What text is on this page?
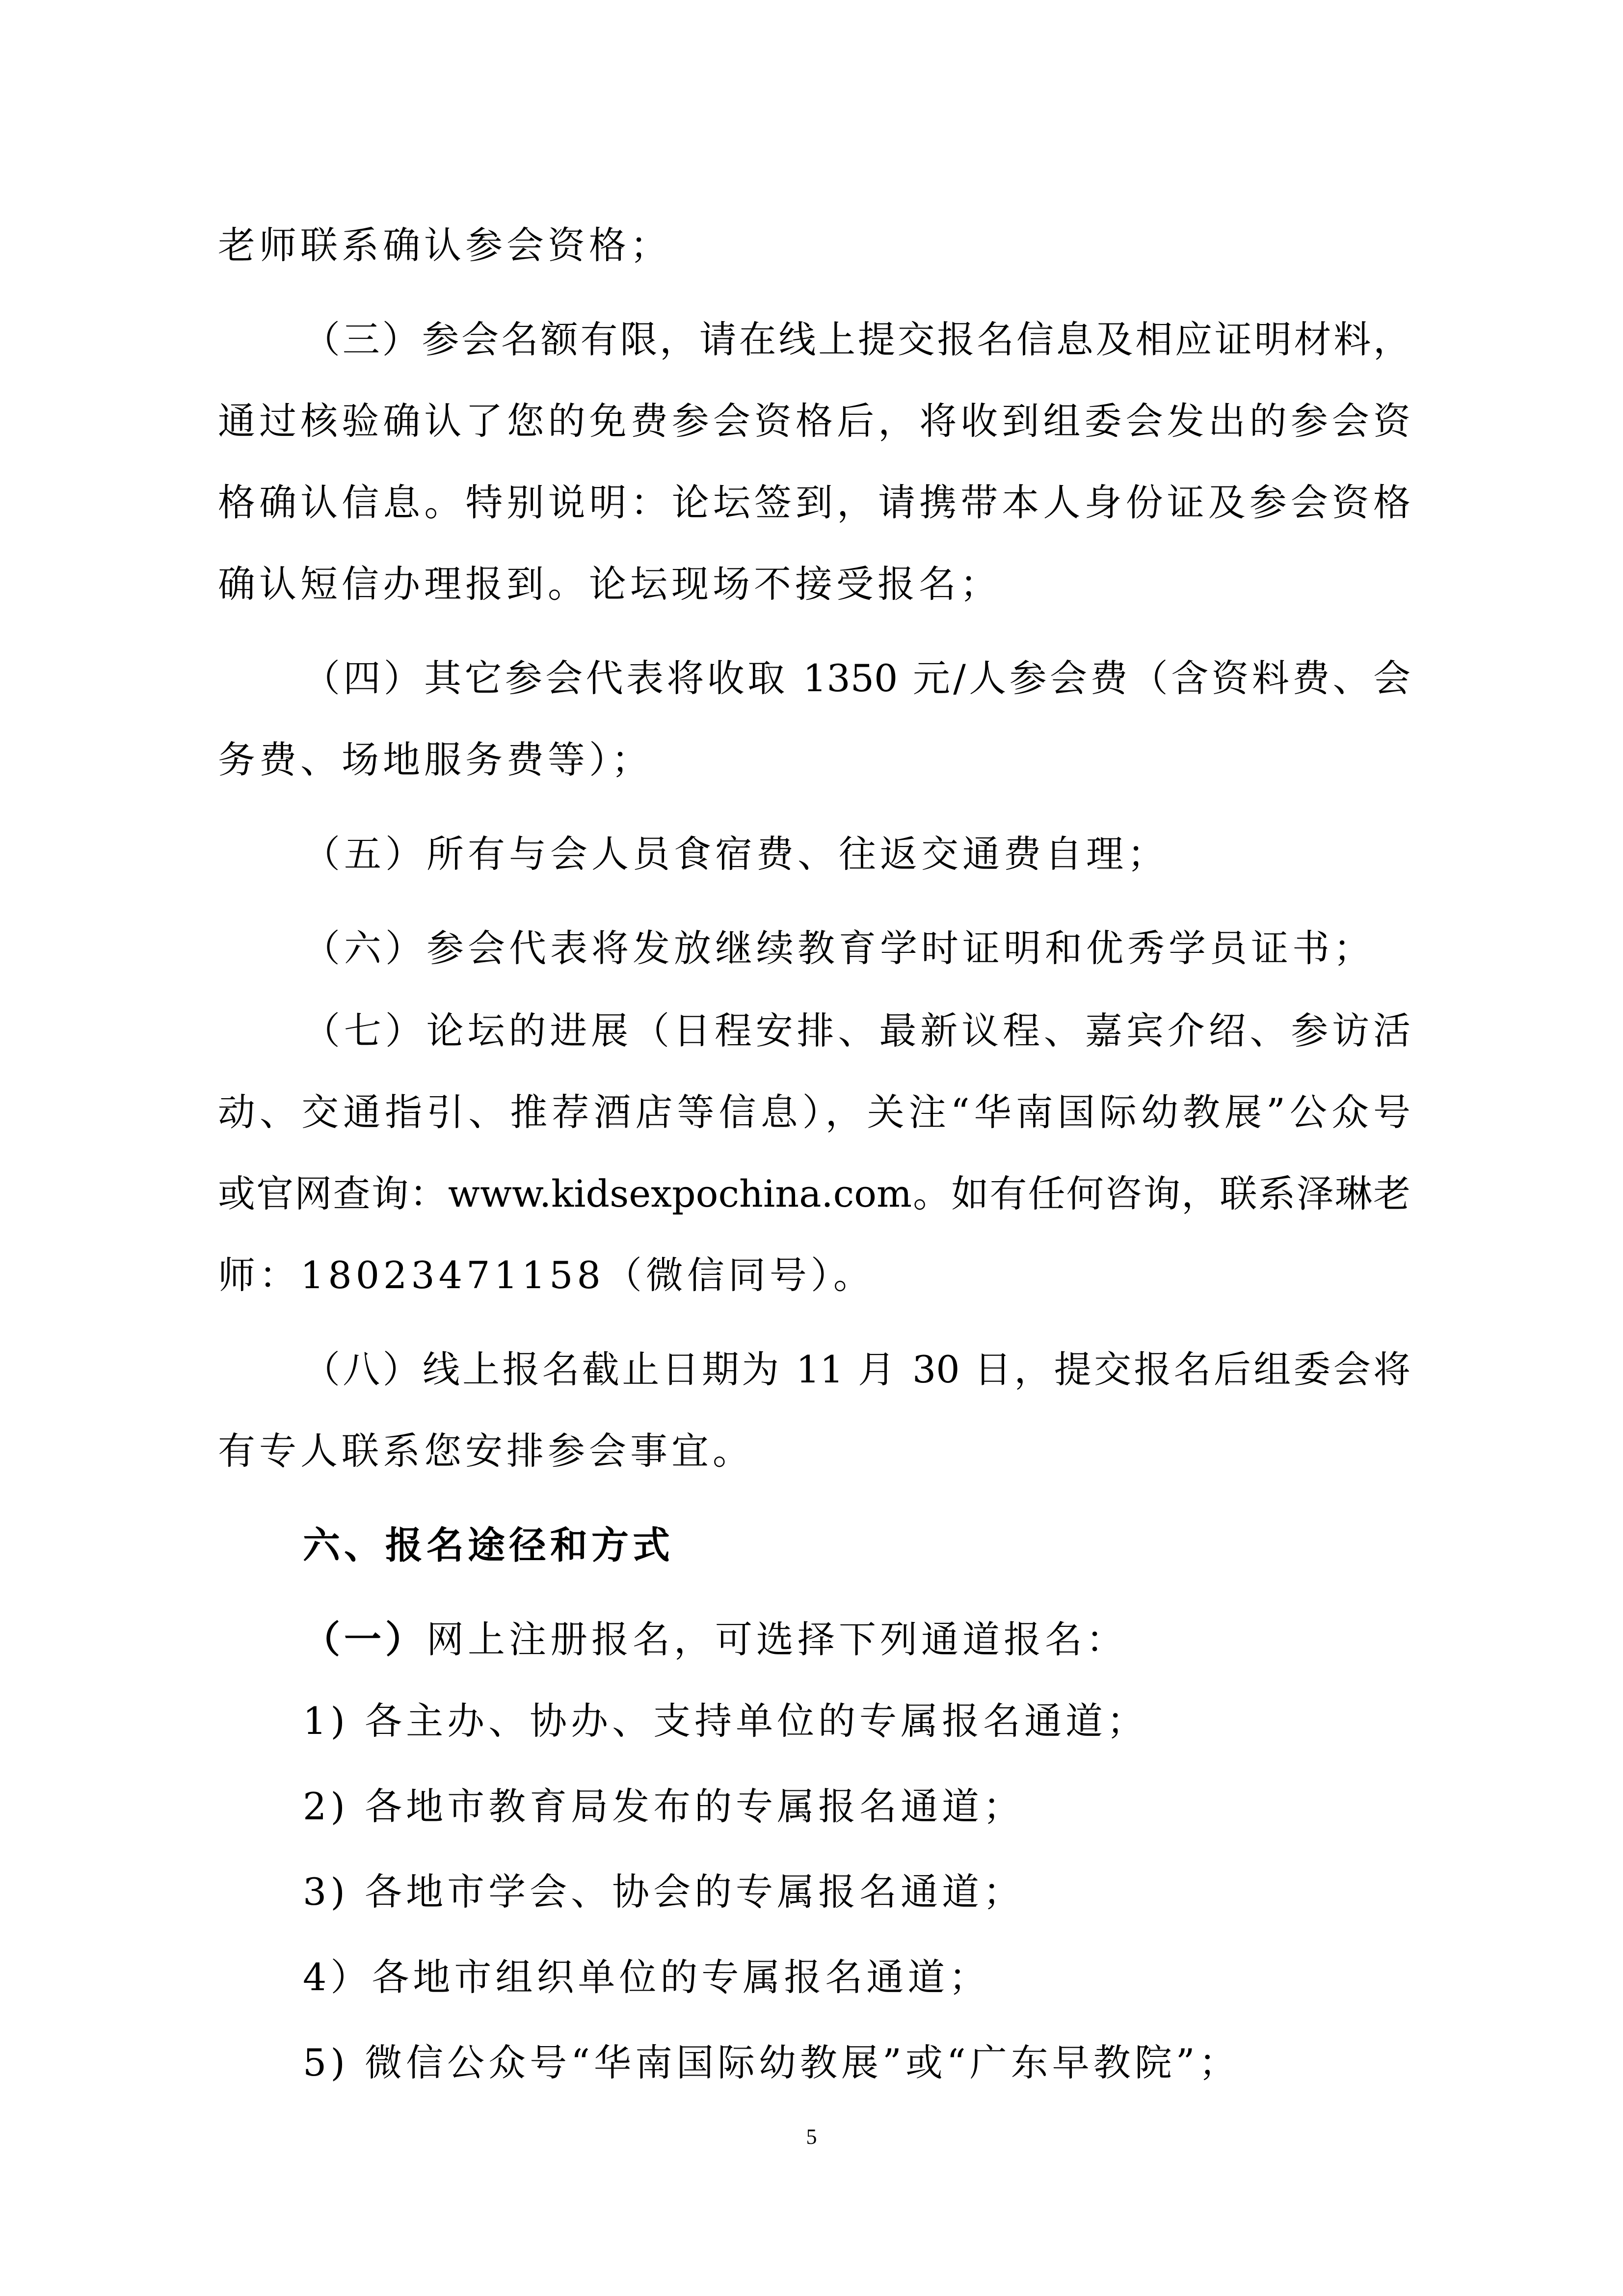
老师联系确认参会资格；
（三）参会名额有限，请在线上提交报名信息及相应证明材料，
通过核验确认了您的免费参会资格后，将收到组委会发出的参会资
格确认信息。特别说明：论坛签到，请携带本人身份证及参会资格
确认短信办理报到。论坛现场不接受报名；
（四）其它参会代表将收取 1350 元/人参会费（含资料费、会
务费、场地服务费等）；
（五）所有与会人员食宿费、往返交通费自理；
（六）参会代表将发放继续教育学时证明和优秀学员证书；
（七）论坛的进展（日程安排、最新议程、嘉宾介绍、参访活
动、交通指引、推荐酒店等信息），关注“华南国际幼教展”公众号
或官网查询：www.kidsexpochina.com。如有任何咨询，联系泽琳老
师：18023471158（微信同号）。
（八）线上报名截止日期为 11 月 30 日，提交报名后组委会将
有专人联系您安排参会事宜。
六、报名途径和方式
（一）网上注册报名，可选择下列通道报名：
1) 各主办、协办、支持单位的专属报名通道；
2) 各地市教育局发布的专属报名通道；
3) 各地市学会、协会的专属报名通道；
4）各地市组织单位的专属报名通道；
5) 微信公众号“华南国际幼教展”或“广东早教院”；
5
